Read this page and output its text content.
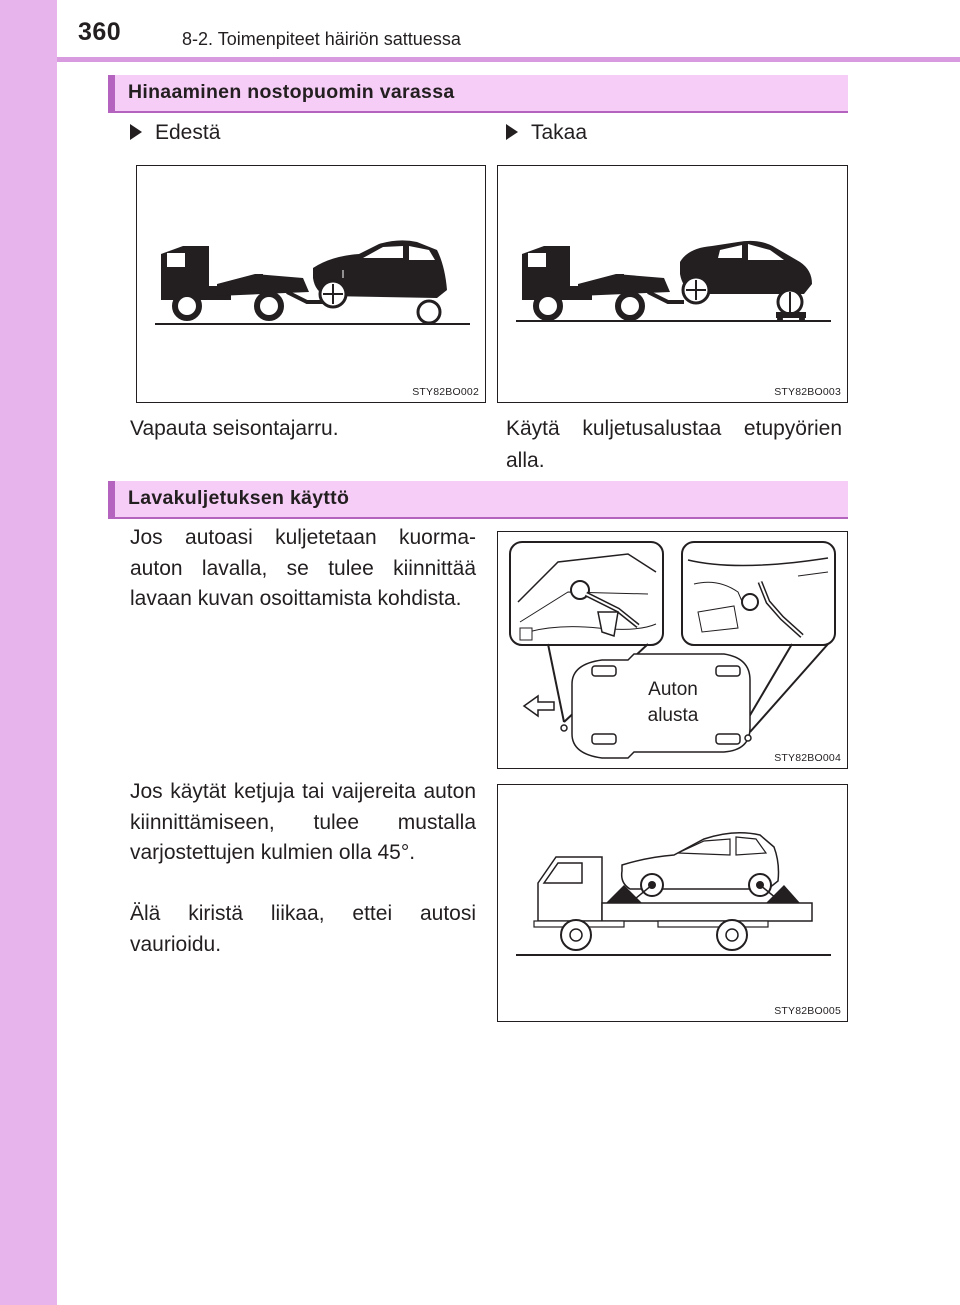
360	8-2. Toimenpiteet häiriön sattuessa
Hinaaminen nostopuomin varassa
Edestä	Takaa
STY82BO002	STY82BO003

Vapauta seisontajarru.	Käytä kuljetusalustaa etupyörien alla.

Lavakuljetuksen käyttö

Jos autoasi kuljetetaan kuorma-auton lavalla, se tulee kiinnittää lavaan kuvan osoittamista kohdista.

Auton
alusta
STY82BO004

Jos käytät ketjuja tai vaijereita auton kiinnittämiseen, tulee mustalla varjostettujen kulmien olla 45°.

Älä kiristä liikaa, ettei autosi vaurioidu.

STY82BO005
